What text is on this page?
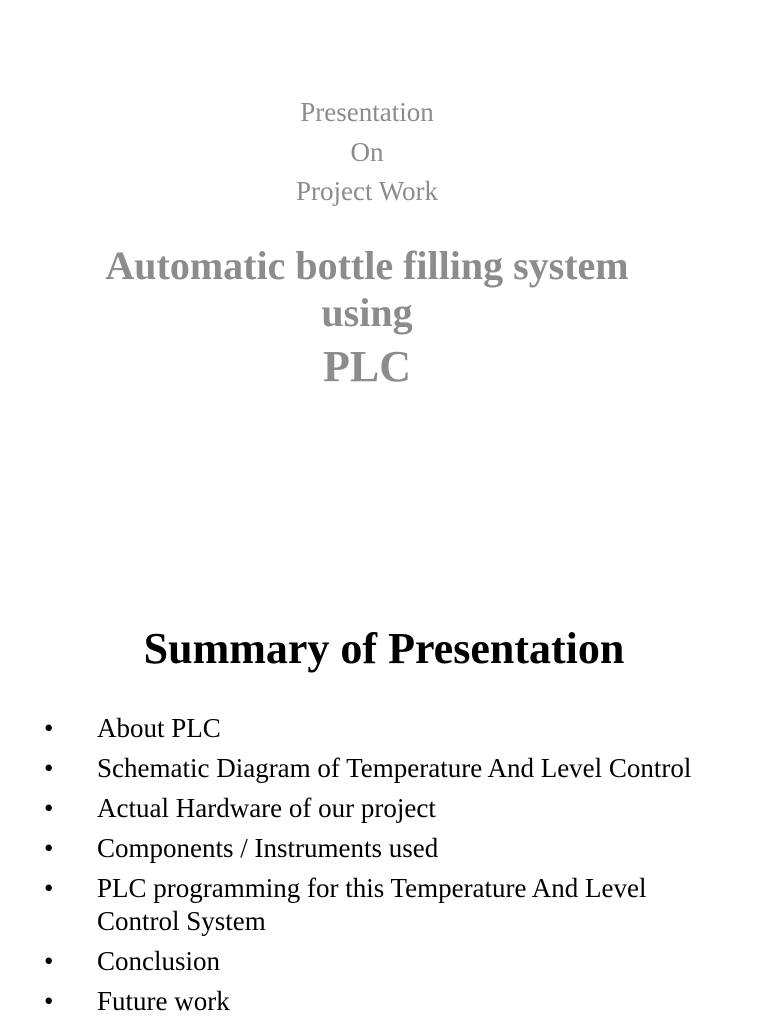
Presentation
On
Project Work
Automatic bottle filling system
using
PLC
Summary of Presentation
• About PLC
• Schematic Diagram of Temperature And Level Control
• Actual Hardware of our project
• Components / Instruments used
• PLC programming for this Temperature And Level Control System
• Conclusion
• Future work
